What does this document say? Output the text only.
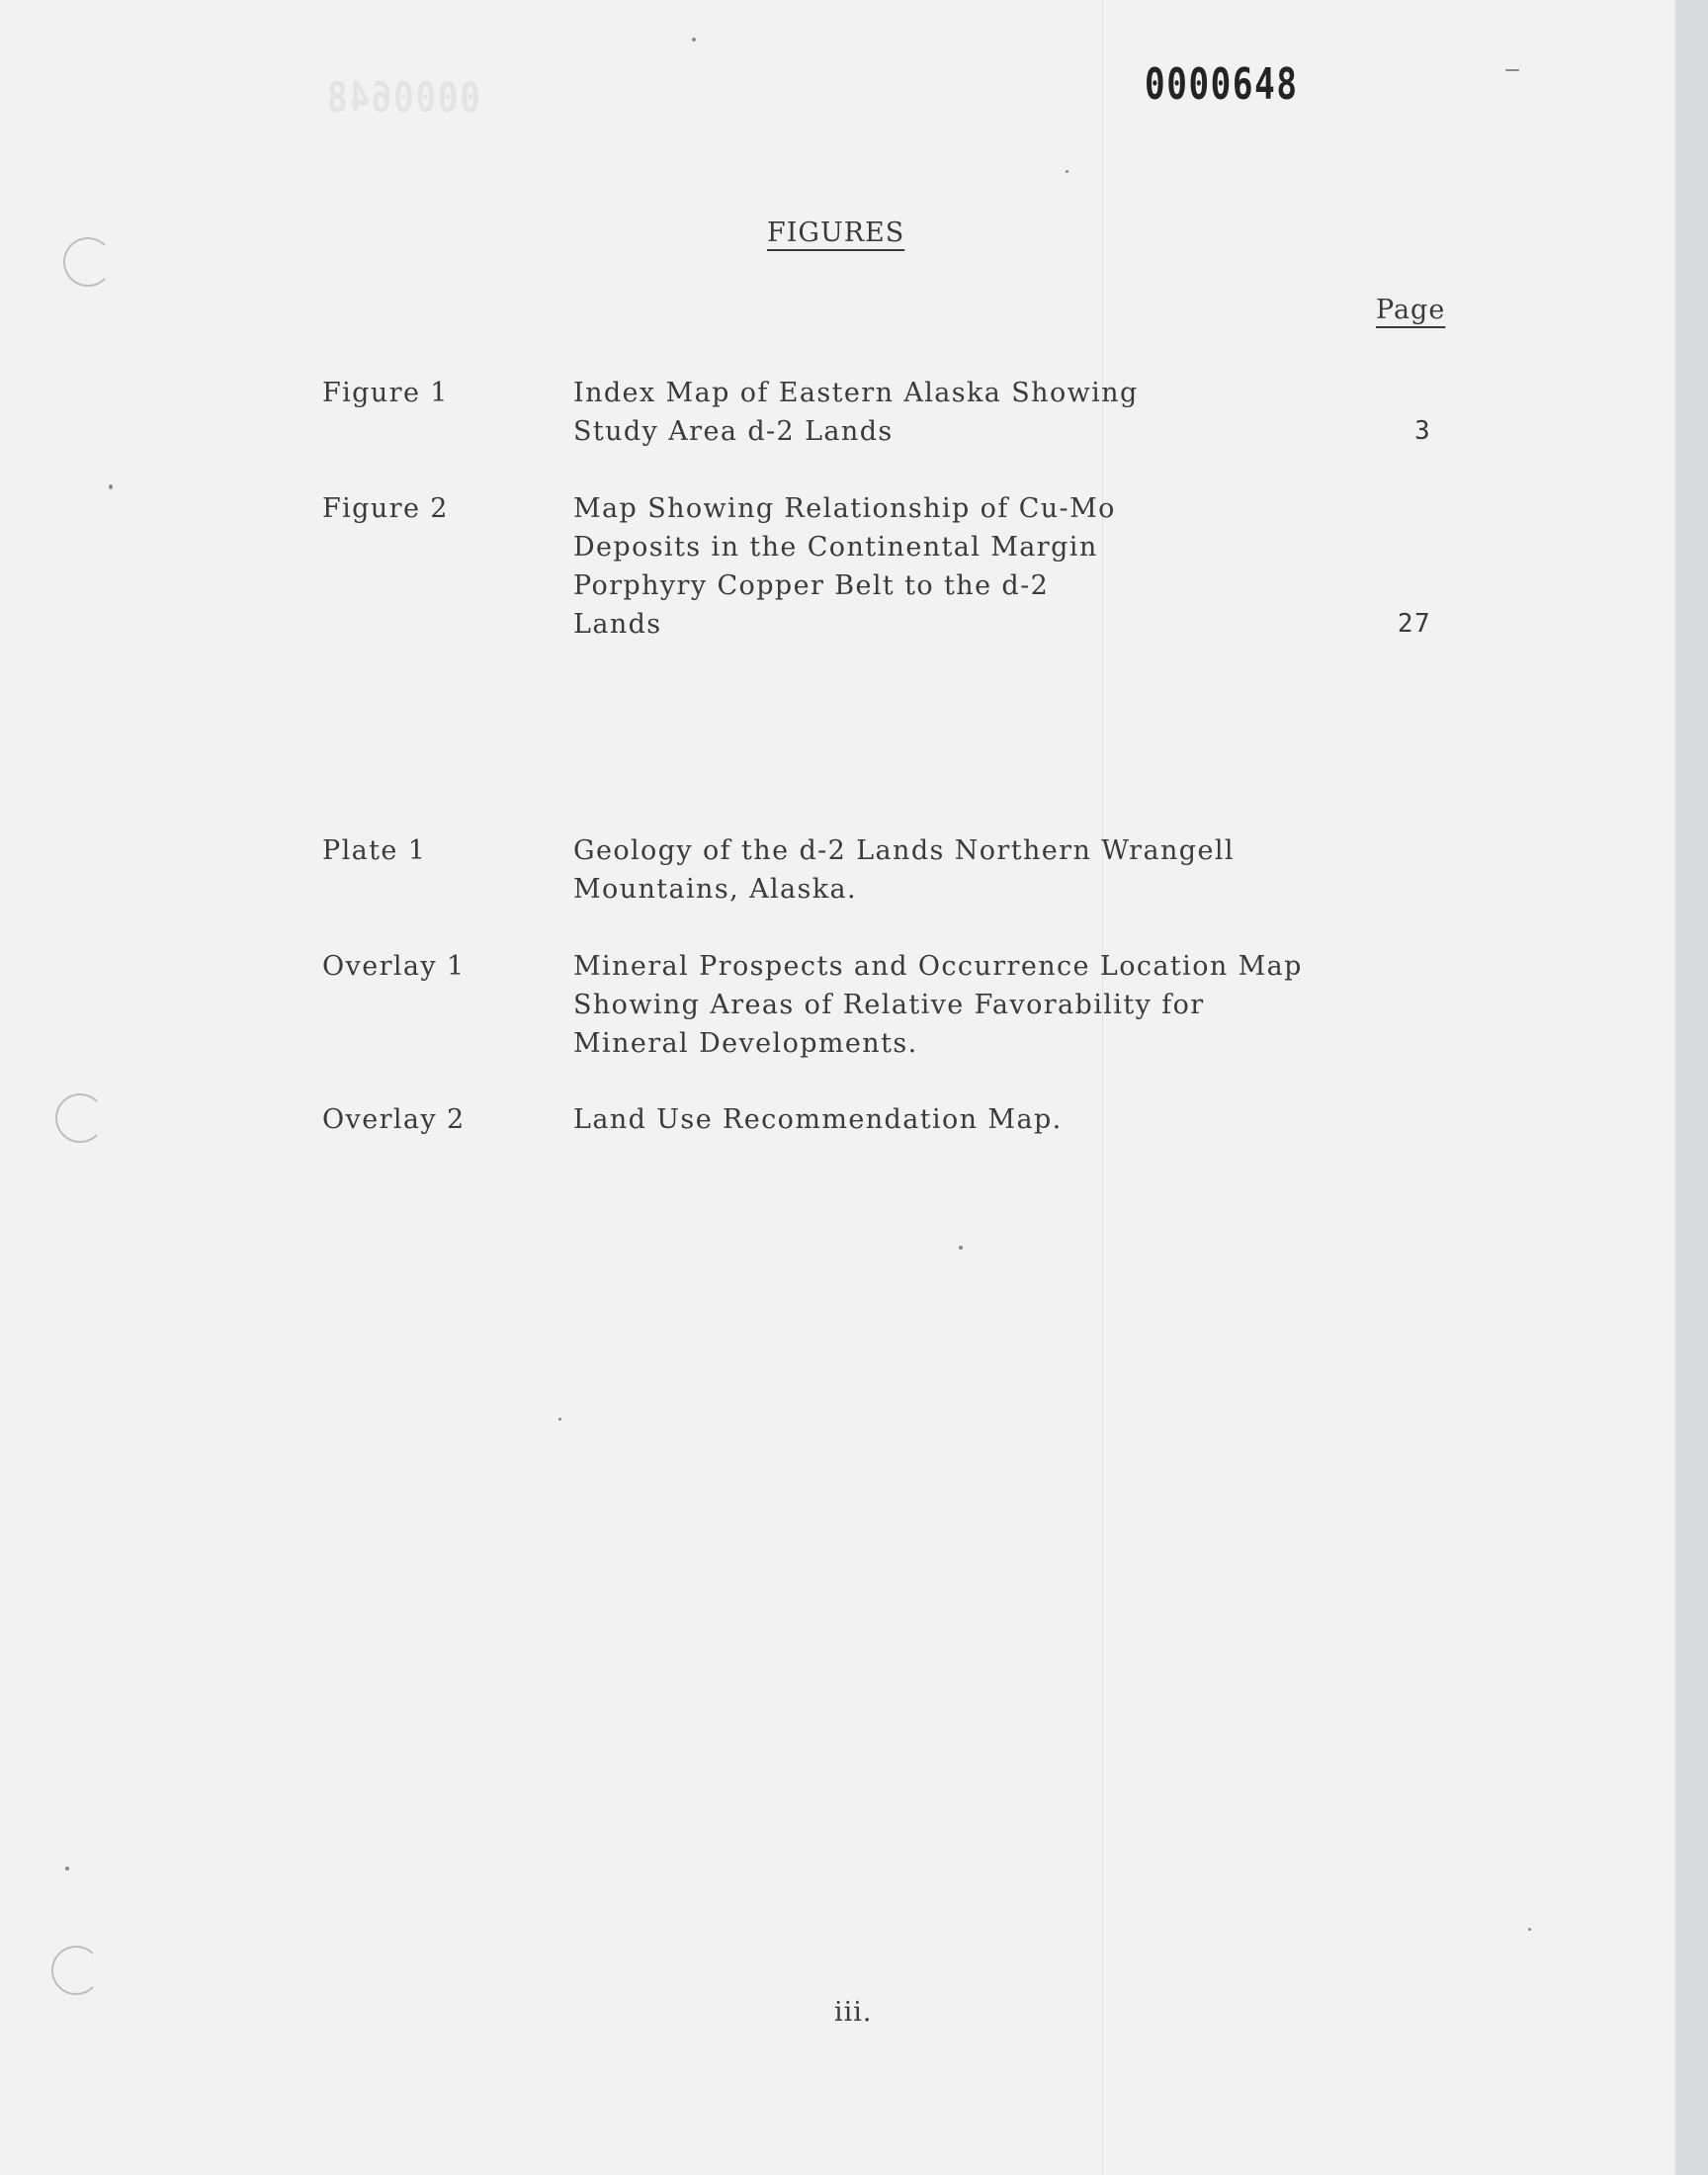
0000648	0000648
FIGURES
Page
Figure 1	Index Map of Eastern Alaska Showing
Study Area d-2 Lands	3
Figure 2	Map Showing Relationship of Cu-Mo
Deposits in the Continental Margin
Porphyry Copper Belt to the d-2
Lands	27
Plate 1	Geology of the d-2 Lands Northern Wrangell
Mountains, Alaska.
Overlay 1	Mineral Prospects and Occurrence Location Map
Showing Areas of Relative Favorability for
Mineral Developments.
Overlay 2	Land Use Recommendation Map.
iii.
